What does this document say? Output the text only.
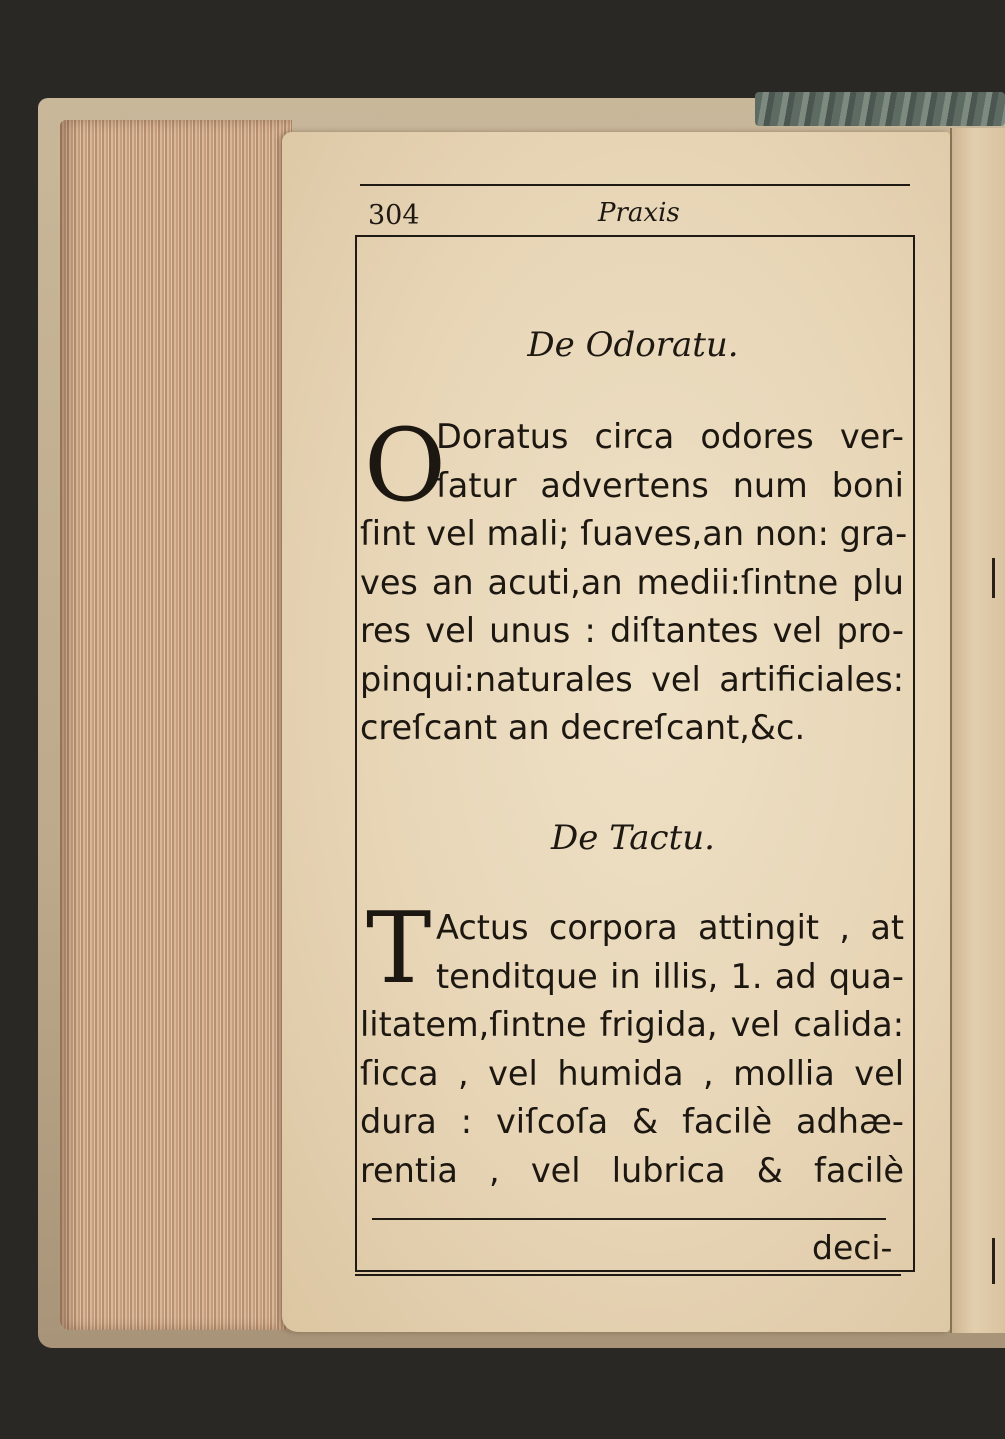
304	Praxis
De Odoratu.
O
Doratus circa odores ver-
ſatur advertens num boni
ſint vel mali; ſuaves,an non: gra-
ves an acuti,an medii:ſintne plu
res vel unus : diſtantes vel pro-
pinqui:naturales vel artificiales:
creſcant an decreſcant,&c.
De Tactu.
T Actus corpora attingit , at
tenditque in illis, 1. ad qua-
litatem,ſintne frigida, vel calida:
ſicca , vel humida , mollia vel
dura : viſcoſa & facilè adhæ-
rentia , vel lubrica & facilè
deci-
